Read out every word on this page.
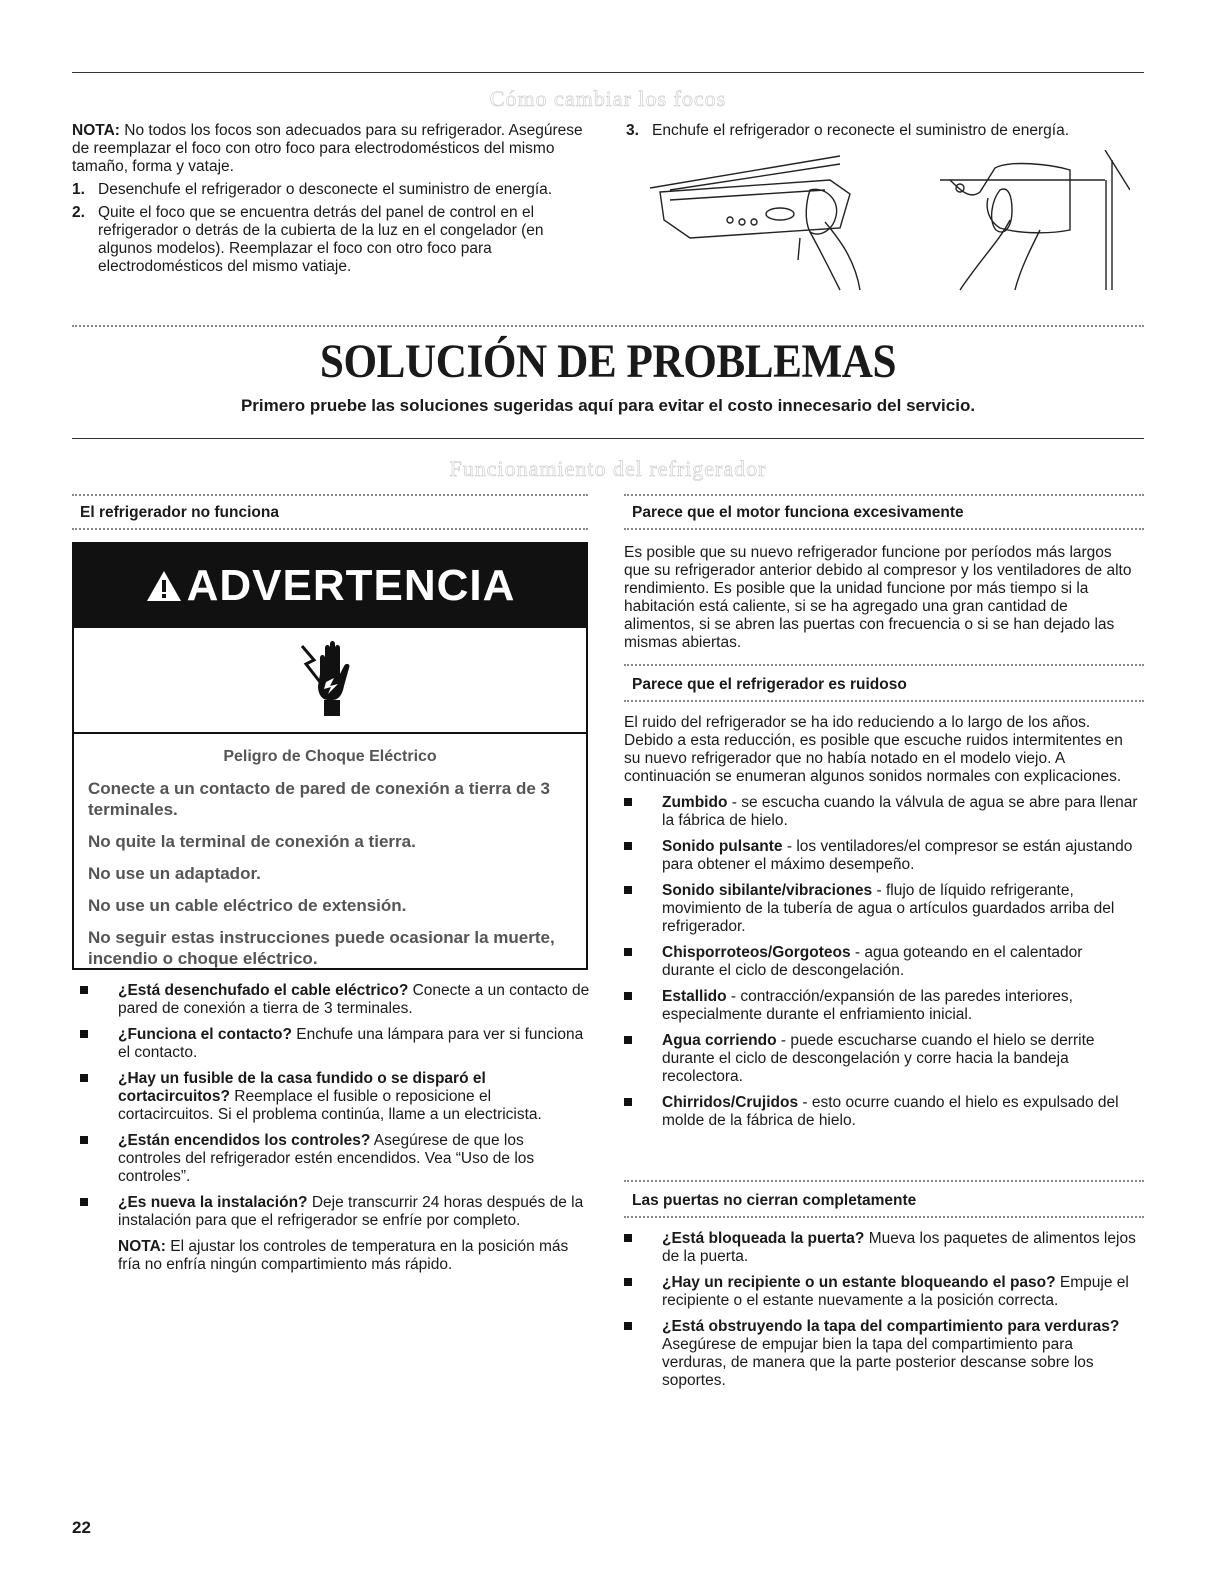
Cómo cambiar los focos

NOTA: No todos los focos son adecuados para su refrigerador. Asegúrese de reemplazar el foco con otro foco para electrodomésticos del mismo tamaño, forma y vataje.

1. Desenchufe el refrigerador o desconecte el suministro de energía.
2. Quite el foco que se encuentra detrás del panel de control en el refrigerador o detrás de la cubierta de la luz en el congelador (en algunos modelos). Reemplazar el foco con otro foco para electrodomésticos del mismo vatiaje.
3. Enchufe el refrigerador o reconecte el suministro de energía.
SOLUCIÓN DE PROBLEMAS
Primero pruebe las soluciones sugeridas aquí para evitar el costo innecesario del servicio.
Funcionamiento del refrigerador
El refrigerador no funciona
ADVERTENCIA

Peligro de Choque Eléctrico

Conecte a un contacto de pared de conexión a tierra de 3 terminales.

No quite la terminal de conexión a tierra.

No use un adaptador.

No use un cable eléctrico de extensión.

No seguir estas instrucciones puede ocasionar la muerte, incendio o choque eléctrico.

¿Está desenchufado el cable eléctrico? Conecte a un contacto de pared de conexión a tierra de 3 terminales.
¿Funciona el contacto? Enchufe una lámpara para ver si funciona el contacto.
¿Hay un fusible de la casa fundido o se disparó el cortacircuitos? Reemplace el fusible o reposicione el cortacircuitos. Si el problema continúa, llame a un electricista.
¿Están encendidos los controles? Asegúrese de que los controles del refrigerador estén encendidos. Vea “Uso de los controles”.
¿Es nueva la instalación? Deje transcurrir 24 horas después de la instalación para que el refrigerador se enfríe por completo.

NOTA: El ajustar los controles de temperatura en la posición más fría no enfría ningún compartimiento más rápido.

Parece que el motor funciona excesivamente

Es posible que su nuevo refrigerador funcione por períodos más largos que su refrigerador anterior debido al compresor y los ventiladores de alto rendimiento. Es posible que la unidad funcione por más tiempo si la habitación está caliente, si se ha agregado una gran cantidad de alimentos, si se abren las puertas con frecuencia o si se han dejado las mismas abiertas.

Parece que el refrigerador es ruidoso

El ruido del refrigerador se ha ido reduciendo a lo largo de los años. Debido a esta reducción, es posible que escuche ruidos intermitentes en su nuevo refrigerador que no había notado en el modelo viejo. A continuación se enumeran algunos sonidos normales con explicaciones.

Zumbido - se escucha cuando la válvula de agua se abre para llenar la fábrica de hielo.
Sonido pulsante - los ventiladores/el compresor se están ajustando para obtener el máximo desempeño.
Sonido sibilante/vibraciones - flujo de líquido refrigerante, movimiento de la tubería de agua o artículos guardados arriba del refrigerador.
Chisporroteos/Gorgoteos - agua goteando en el calentador durante el ciclo de descongelación.
Estallido - contracción/expansión de las paredes interiores, especialmente durante el enfriamiento inicial.
Agua corriendo - puede escucharse cuando el hielo se derrite durante el ciclo de descongelación y corre hacia la bandeja recolectora.
Chirridos/Crujidos - esto ocurre cuando el hielo es expulsado del molde de la fábrica de hielo.
Las puertas no cierran completamente
¿Está bloqueada la puerta? Mueva los paquetes de alimentos lejos de la puerta.
¿Hay un recipiente o un estante bloqueando el paso? Empuje el recipiente o el estante nuevamente a la posición correcta.
¿Está obstruyendo la tapa del compartimiento para verduras? Asegúrese de empujar bien la tapa del compartimiento para verduras, de manera que la parte posterior descanse sobre los soportes.
22
